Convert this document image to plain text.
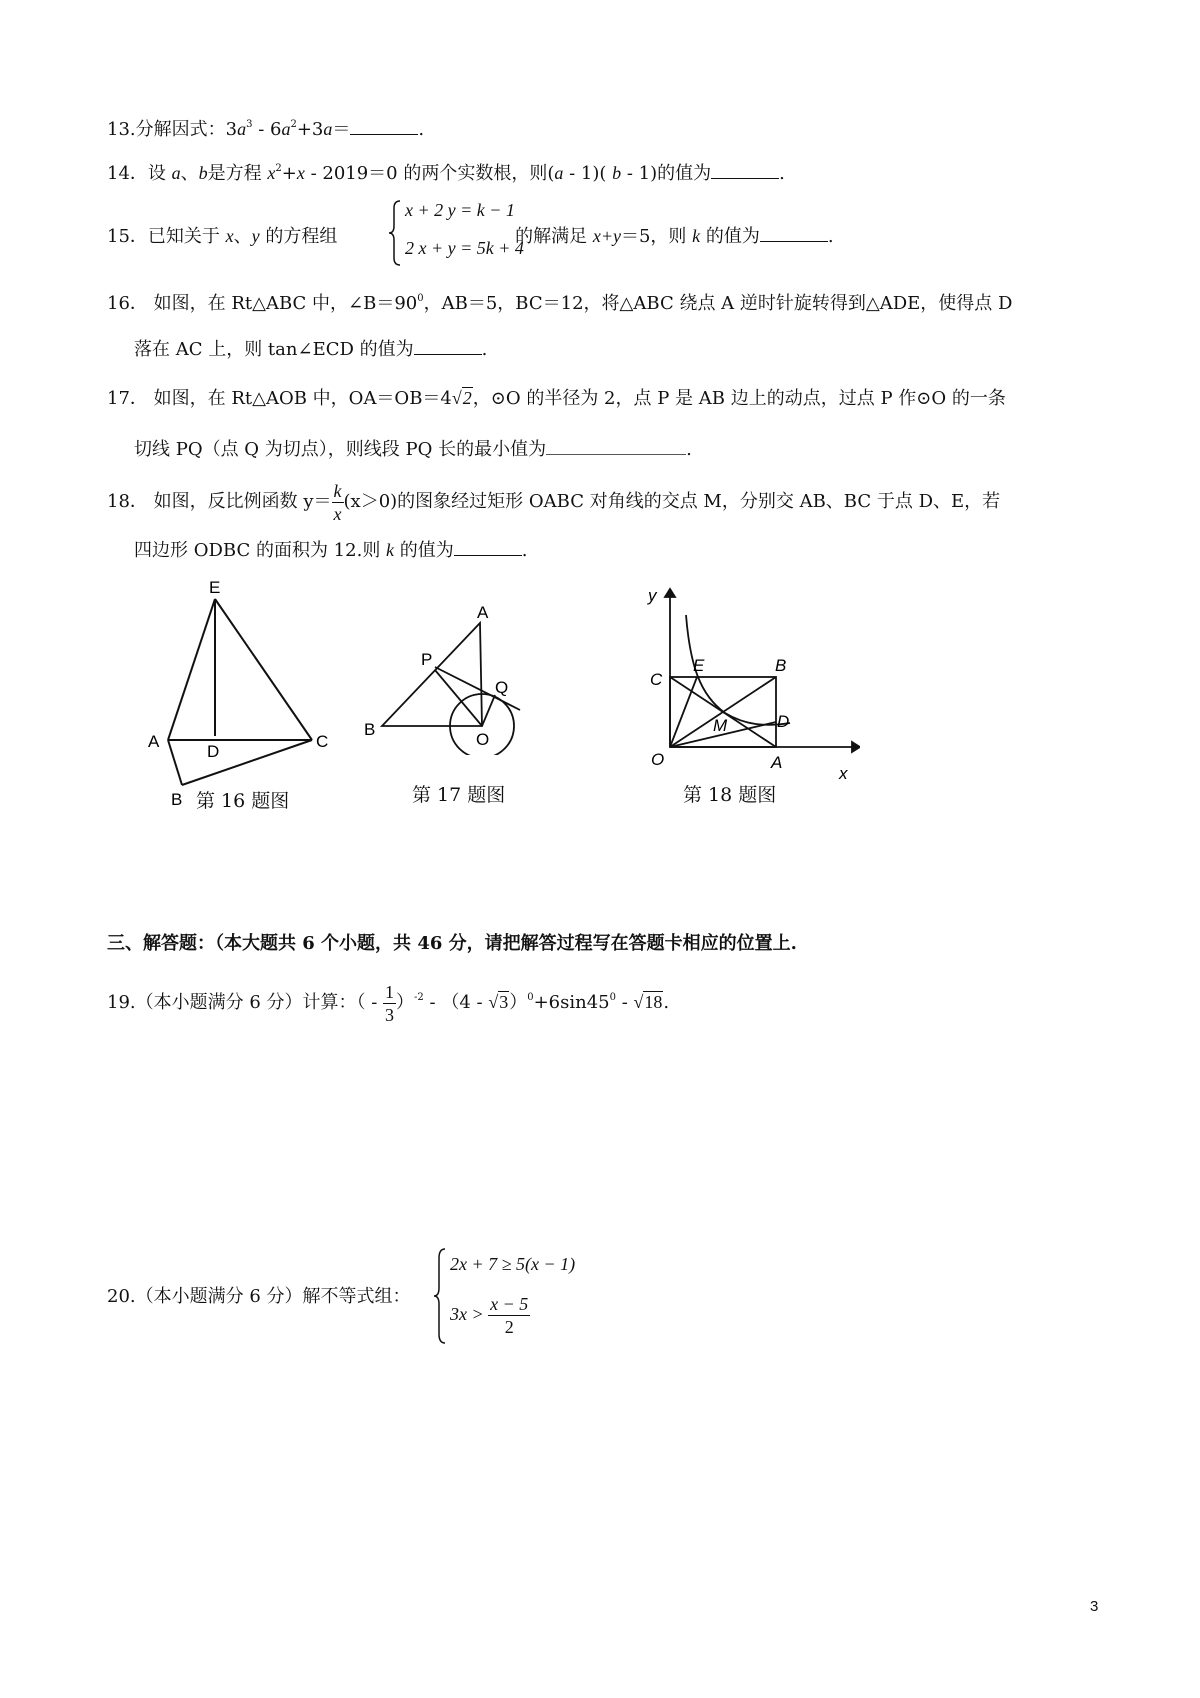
13.分解因式：$3a^3 - 6a^2+3a=$	.
14．设 a、b是方程 $x^2+x - 2019=0$ 的两个实数根，则(a - 1)( b - 1)的值为	.
15．已知关于 x、y 的方程组	的解满足 x+y＝5，则 k 的值为	.
x + 2 y = k − 1
2 x + y = 5k + 4
16． 如图，在 Rt△ABC 中，$\angle B=90^0$，AB＝5，BC＝12，将△ABC 绕点 A 逆时针旋转得到△ADE，使得点 D
落在 AC 上，则 tan∠ECD 的值为	.
17． 如图，在 Rt△AOB 中，OA＝OB＝4√2，⊙O 的半径为 2，点 P 是 AB 边上的动点，过点 P 作⊙O 的一条
切线 PQ（点 Q 为切点），则线段 PQ 长的最小值为	.
18． 如图，反比例函数 $y= \frac{k}{x} (x>0)$的图象经过矩形 OABC 对角线的交点 M，分别交 AB、BC 于点 D、E，若
四边形 ODBC 的面积为 12.则 k 的值为	.
E
A
D
C
B 第 16 题图
A
P
Q
B
O
第 17 题图
y
C
E	B
M	D
O	A
x
第 18 题图
三、解答题：（本大题共 6 个小题，共 46 分，请把解答过程写在答题卡相应的位置上.
19.（本小题满分 6 分）计算：（ - $\frac{1}{3} )^{-2} - (4 - √3)^0+6\sin 45^0 - √18$.
20.（本小题满分 6 分）解不等式组：
2x + 7 ≥ 5(x − 1)
$3x > \frac{x - 5}{2}$
3
